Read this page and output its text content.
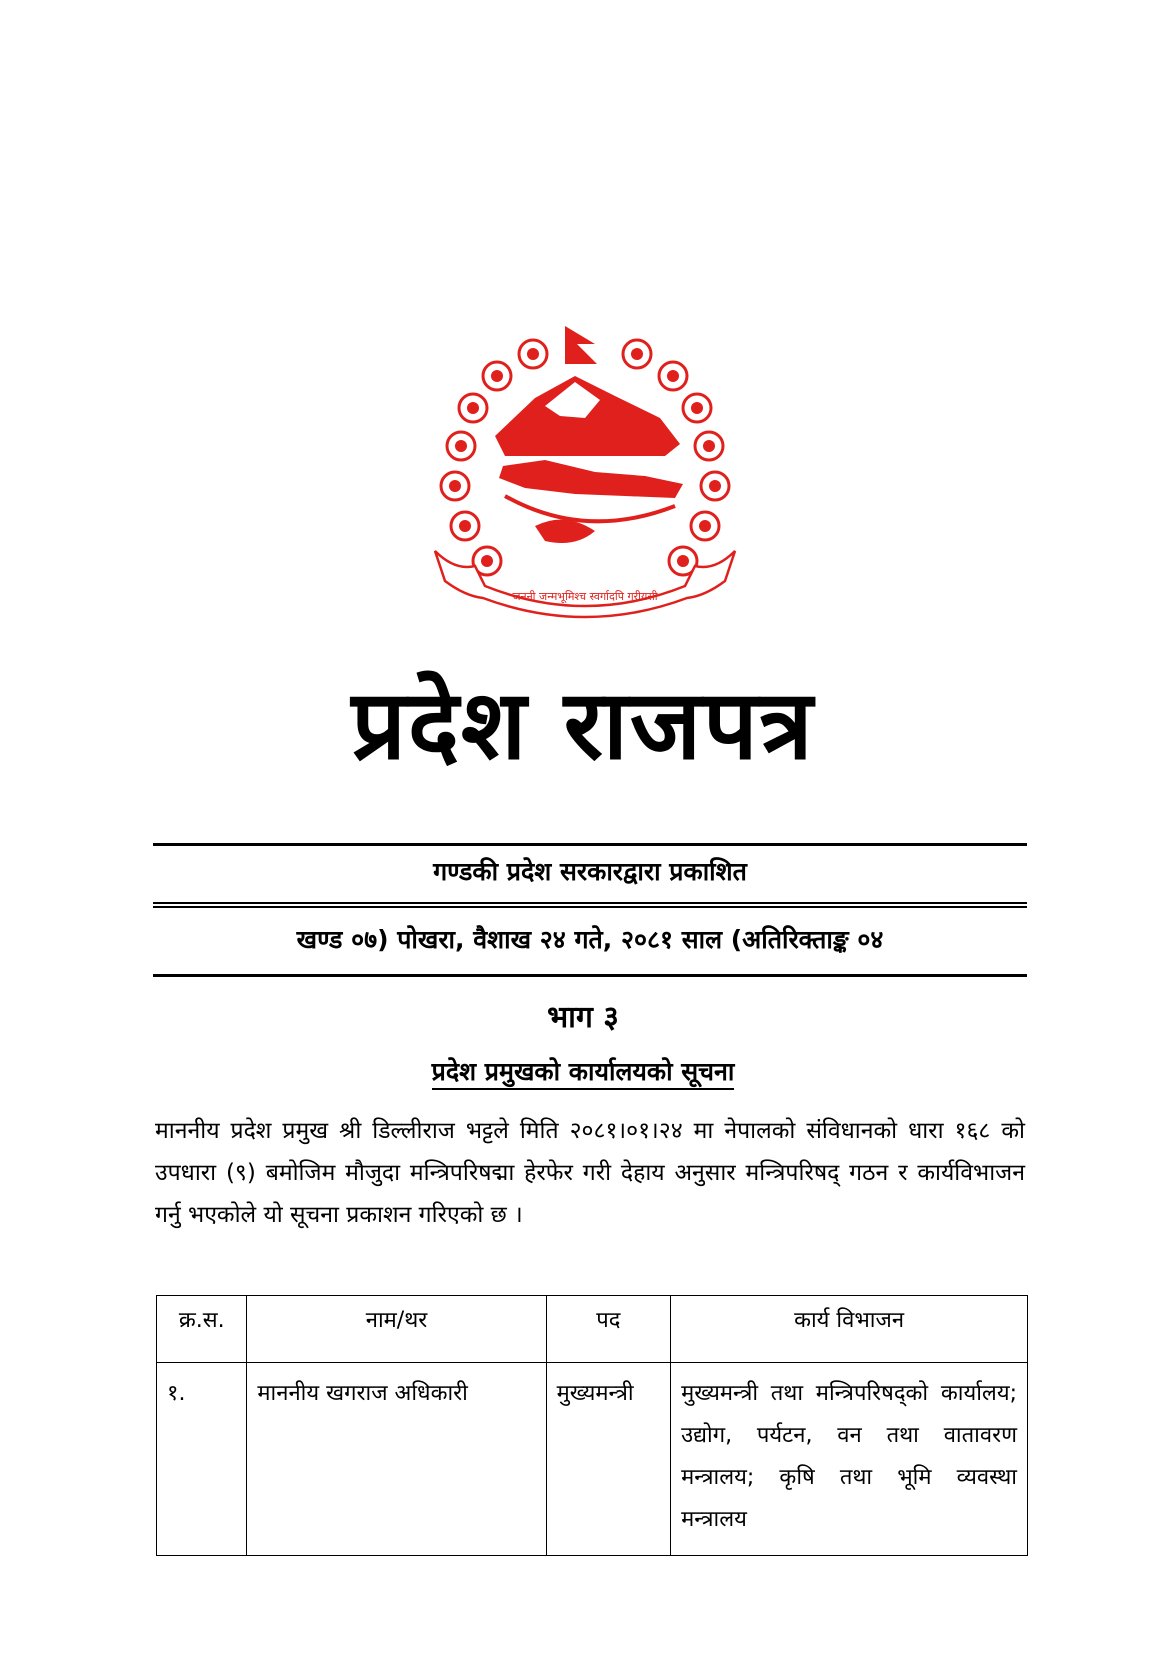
जननी जन्मभूमिश्च स्वर्गादपि गरीयसी
प्रदेश राजपत्र
गण्डकी प्रदेश सरकारद्वारा प्रकाशित
खण्ड ०७) पोखरा, वैशाख २४ गते, २०८१ साल (अतिरिक्ताङ्क ०४
भाग ३
प्रदेश प्रमुखको कार्यालयको सूचना
माननीय प्रदेश प्रमुख श्री डिल्लीराज भट्टले मिति २०८१।०१।२४ मा नेपालको संविधानको धारा १६८ को उपधारा (९) बमोजिम मौजुदा मन्त्रिपरिषद्मा हेरफेर गरी देहाय अनुसार मन्त्रिपरिषद् गठन र कार्यविभाजन गर्नु भएकोले यो सूचना प्रकाशन गरिएको छ ।
क्र.स.	नाम/थर	पद	कार्य विभाजन
१.	माननीय खगराज अधिकारी	मुख्यमन्त्री	मुख्यमन्त्री तथा मन्त्रिपरिषद्को कार्यालय; उद्योग, पर्यटन, वन तथा वातावरण मन्त्रालय; कृषि तथा भूमि व्यवस्था मन्त्रालय
